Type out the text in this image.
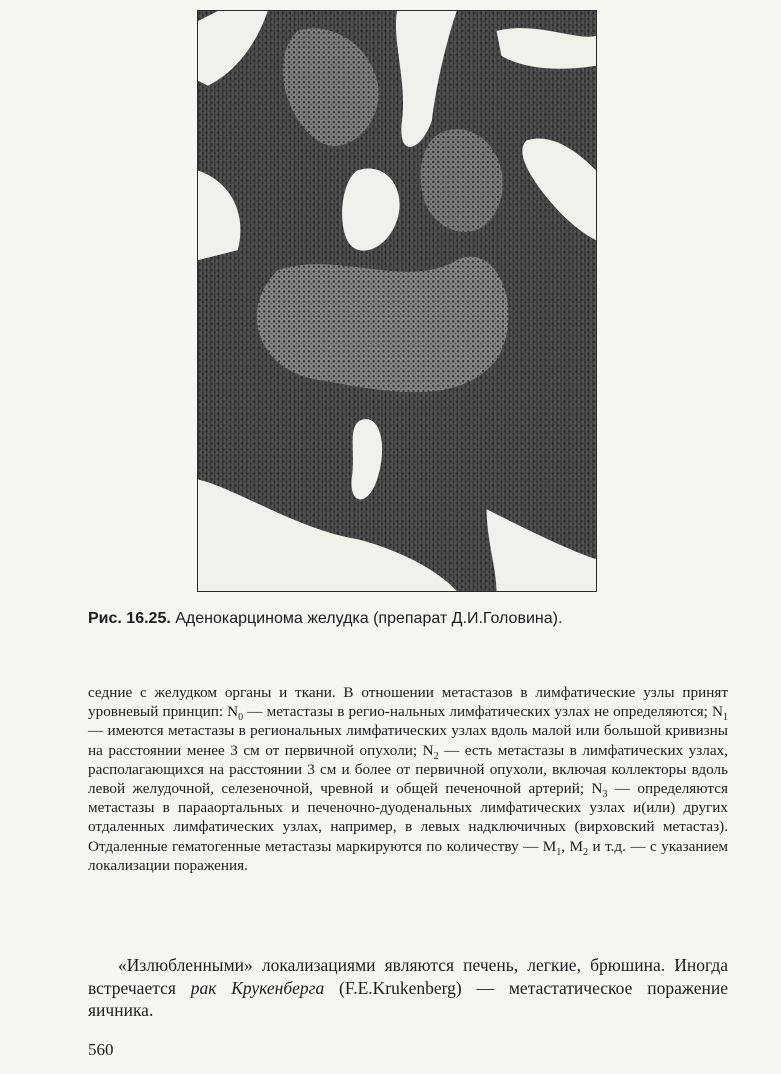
Рис. 16.25. Аденокарцинома желудка (препарат Д.И.Головина).

седние с желудком органы и ткани. В отношении метастазов в лимфатические узлы принят уровневый принцип: $N_0$ — метастазы в регио-нальных лимфатических узлах не определяются; $N_1$ — имеются метастазы в региональных лимфатических узлах вдоль малой или большой кривизны на расстоянии менее 3 см от первичной опухоли; $N_2$ — есть метастазы в лимфатических узлах, располагающихся на расстоянии 3 см и более от первичной опухоли, включая коллекторы вдоль левой желудочной, селезеночной, чревной и общей печеночной артерий; $N_3$ — определяются метастазы в парааортальных и печеночно-дуоденальных лимфатических узлах и(или) других отдаленных лимфатических узлах, например, в левых надключичных (вирховский метастаз). Отдаленные гематогенные метастазы маркируются по количеству — $M_1$, $M_2$ и т.д. — с указанием локализации поражения.

«Излюбленными» локализациями являются печень, легкие, брюшина. Иногда встречается рак Крукенберга (F.E.Krukenberg) — метастатическое поражение яичника.

560
